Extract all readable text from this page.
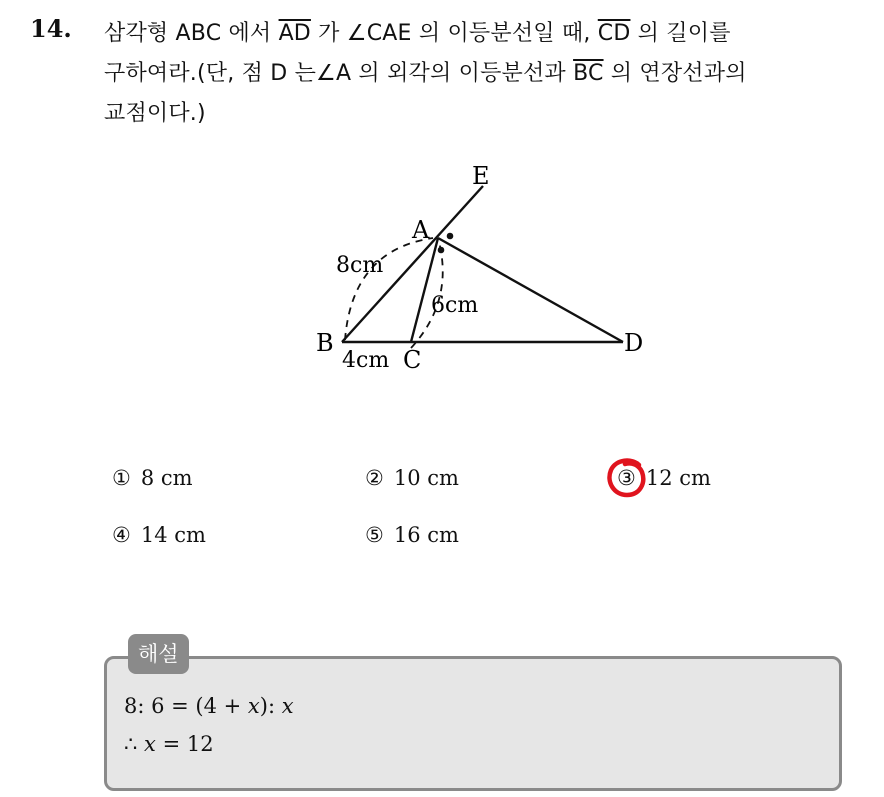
14. 삼각형 ABC 에서 $\overline{AD}$ 가 ∠CAE 의 이등분선일 때, $\overline{CD}$ 의 길이를
구하여라.(단, 점 D 는∠A 의 외각의 이등분선과 $\overline{BC}$ 의 연장선과의
교점이다.)
E
A
B
C
D
8cm
6cm
4cm
① 8 cm	② 10 cm	③ 12 cm
④ 14 cm	⑤ 16 cm
해설
8: 6 = (4 + x): x
∴ x = 12
